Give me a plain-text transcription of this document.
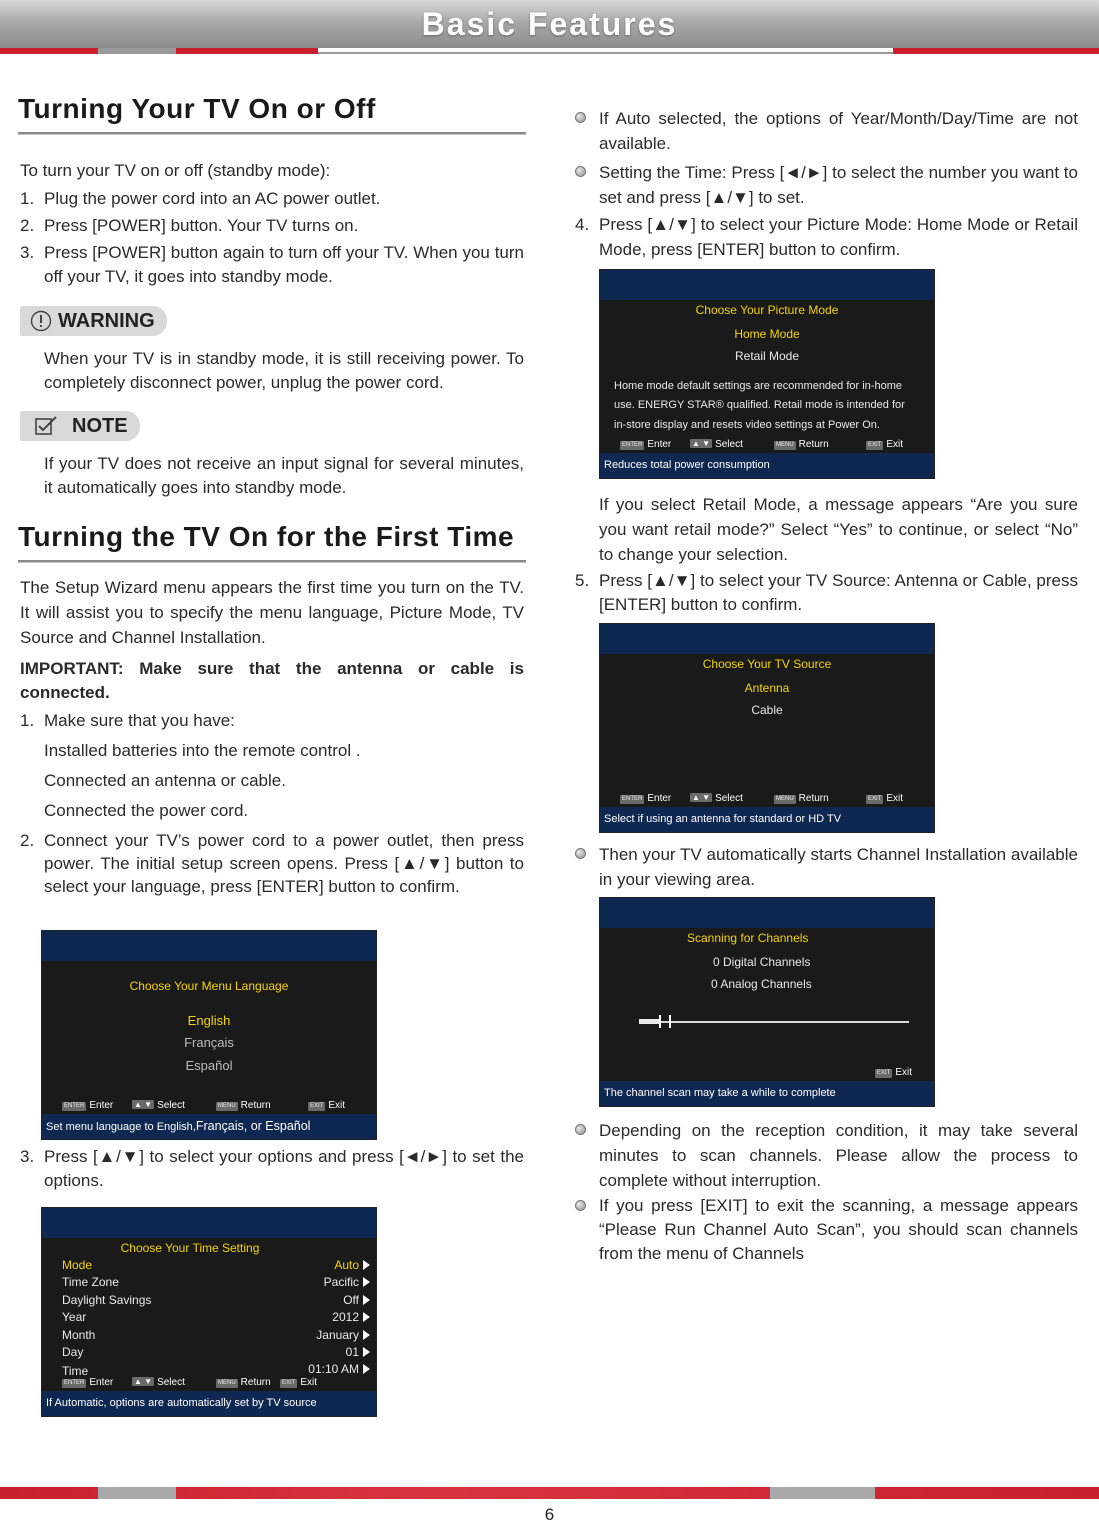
Basic Features
Turning Your TV On or Off
To turn your TV on or off (standby mode):
1. Plug the power cord into an AC power outlet.
2. Press [POWER] button. Your TV turns on.
3. Press [POWER] button again to turn off your TV. When you turn off your TV, it goes into standby mode.
WARNING
When your TV is in standby mode, it is still receiving power. To completely disconnect power, unplug the power cord.
NOTE
If your TV does not receive an input signal for several minutes, it automatically goes into standby mode.
Turning the TV On for the First Time
The Setup Wizard menu appears the first time you turn on the TV. It will assist you to specify the menu language, Picture Mode, TV Source and Channel Installation.
IMPORTANT: Make sure that the antenna or cable is connected.
1. Make sure that you have:
Installed batteries into the remote control .
Connected an antenna or cable.
Connected the power cord.
2. Connect your TV’s power cord to a power outlet, then press power. The initial setup screen opens. Press [▲/▼] button to select your language, press [ENTER] button to confirm.
Choose Your Menu Language
English
Français
Español
ENTER Enter	▲ ▼ Select	MENU Return	EXIT Exit
Set menu language to English,Français, or Español
3. Press [▲/▼] to select your options and press [◄/►] to set the options.
Choose Your Time Setting
Mode	Auto
Time Zone	Pacific
Daylight Savings	Off
Year	2012
Month	January
Day	01
Time	01:10 AM
ENTER Enter	▲ ▼ Select	MENU Return	EXIT Exit
If Automatic, options are automatically set by TV source
If Auto selected, the options of Year/Month/Day/Time are not available.
Setting the Time: Press [◄/►] to select the number you want to set and press [▲/▼] to set.
4. Press [▲/▼] to select your Picture Mode: Home Mode or Retail Mode, press [ENTER] button to confirm.
Choose Your Picture Mode
Home Mode
Retail Mode
Home mode default settings are recommended for in-home
use. ENERGY STAR® qualified. Retail mode is intended for
in-store display and resets video settings at Power On.
ENTER Enter	▲ ▼ Select	MENU Return	EXIT Exit
Reduces total power consumption
If you select Retail Mode, a message appears “Are you sure you want retail mode?” Select “Yes” to continue, or select “No” to change your selection.
5. Press [▲/▼] to select your TV Source: Antenna or Cable, press [ENTER] button to confirm.
Choose Your TV Source
Antenna
Cable
ENTER Enter	▲ ▼ Select	MENU Return	EXIT Exit
Select if using an antenna for standard or HD TV
Then your TV automatically starts Channel Installation available in your viewing area.
Scanning for Channels
0 Digital Channels
0 Analog Channels
EXIT Exit
The channel scan may take a while to complete
Depending on the reception condition, it may take several minutes to scan channels. Please allow the process to complete without interruption.
If you press [EXIT] to exit the scanning, a message appears “Please Run Channel Auto Scan”, you should scan channels from the menu of Channels
6
